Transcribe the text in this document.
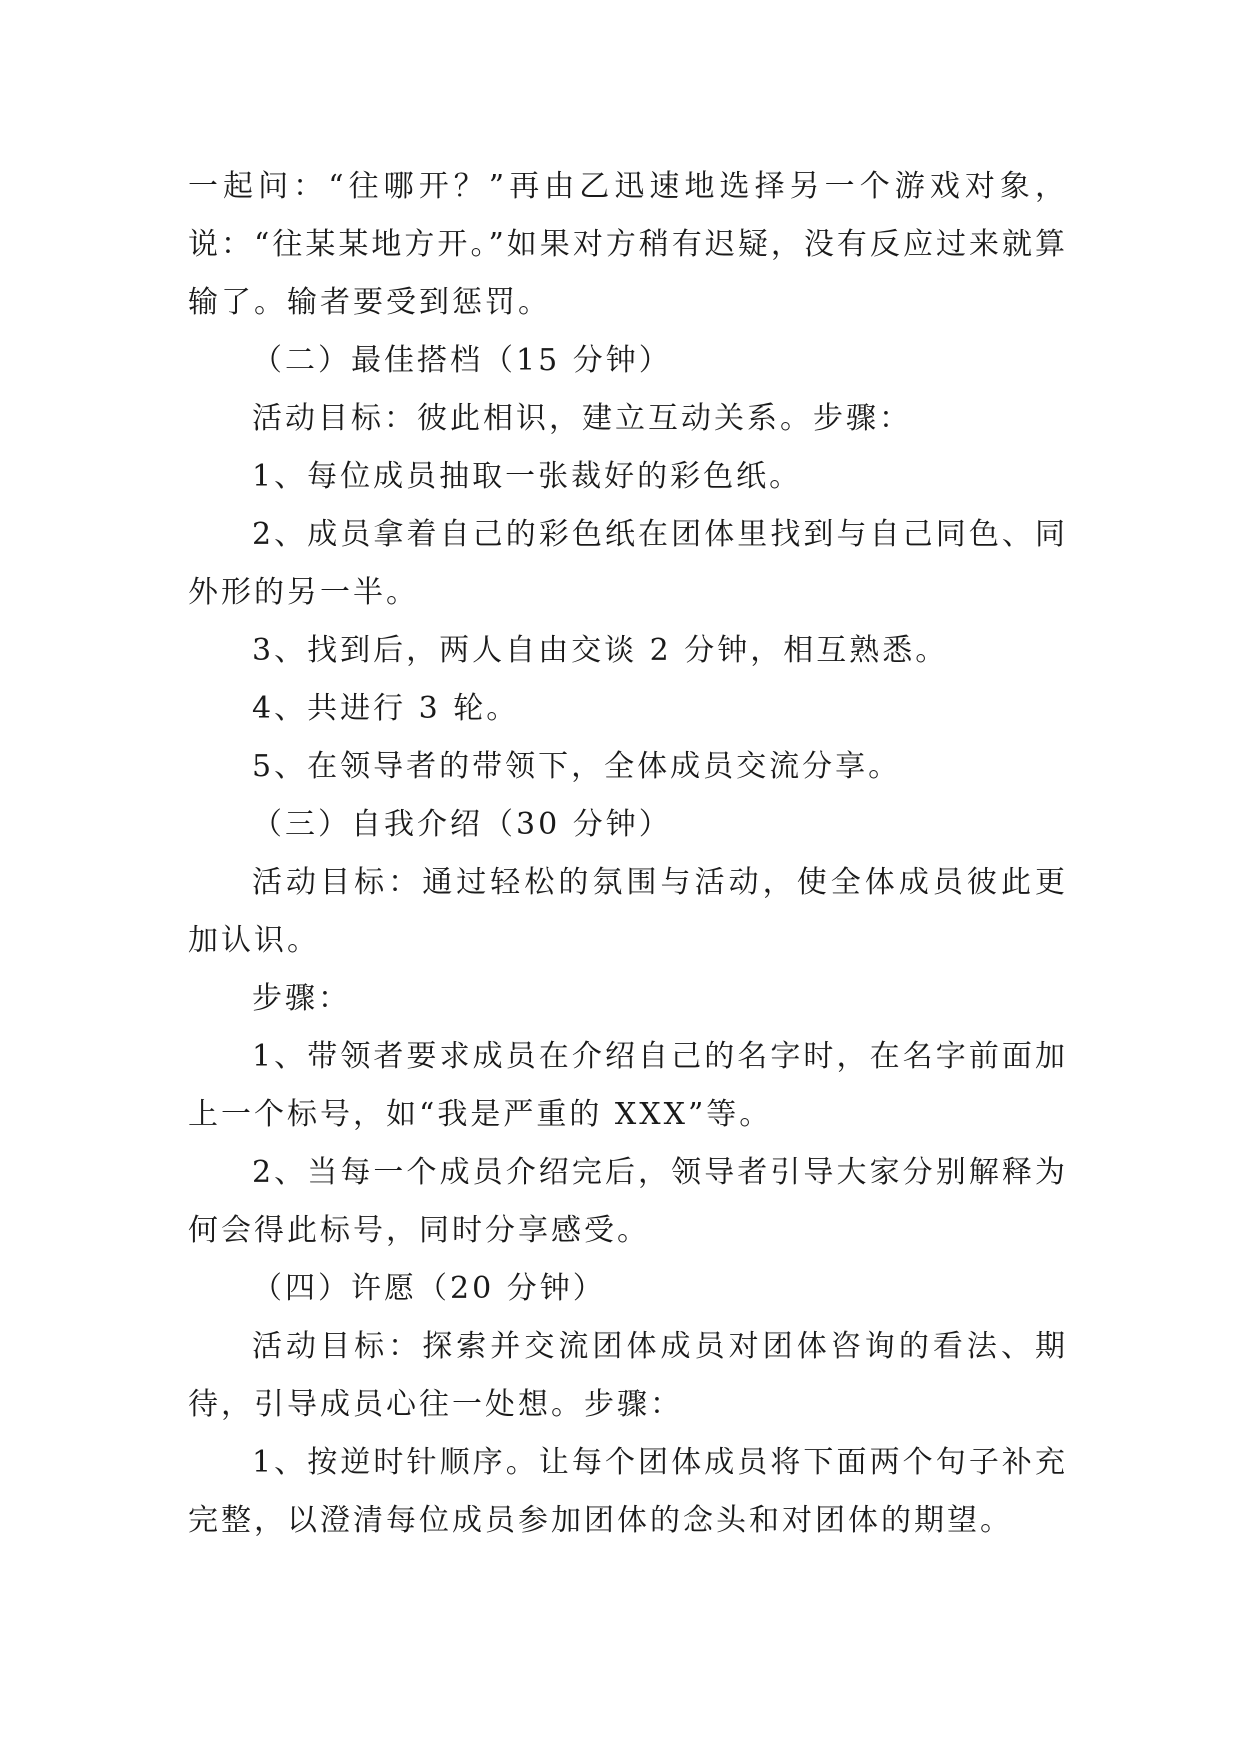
一起问：“往哪开？”再由乙迅速地选择另一个游戏对象，说：“往某某地方开。”如果对方稍有迟疑，没有反应过来就算输了。输者要受到惩罚。

（二）最佳搭档（15 分钟）

活动目标：彼此相识，建立互动关系。步骤：

1、每位成员抽取一张裁好的彩色纸。

2、成员拿着自己的彩色纸在团体里找到与自己同色、同外形的另一半。

3、找到后，两人自由交谈 2 分钟，相互熟悉。

4、共进行 3 轮。

5、在领导者的带领下，全体成员交流分享。

（三）自我介绍（30 分钟）

活动目标：通过轻松的氛围与活动，使全体成员彼此更加认识。

步骤：

1、带领者要求成员在介绍自己的名字时，在名字前面加上一个标号，如“我是严重的 XXX”等。

2、当每一个成员介绍完后，领导者引导大家分别解释为何会得此标号，同时分享感受。

（四）许愿（20 分钟）

活动目标：探索并交流团体成员对团体咨询的看法、期待，引导成员心往一处想。步骤：

1、按逆时针顺序。让每个团体成员将下面两个句子补充完整，以澄清每位成员参加团体的念头和对团体的期望。
